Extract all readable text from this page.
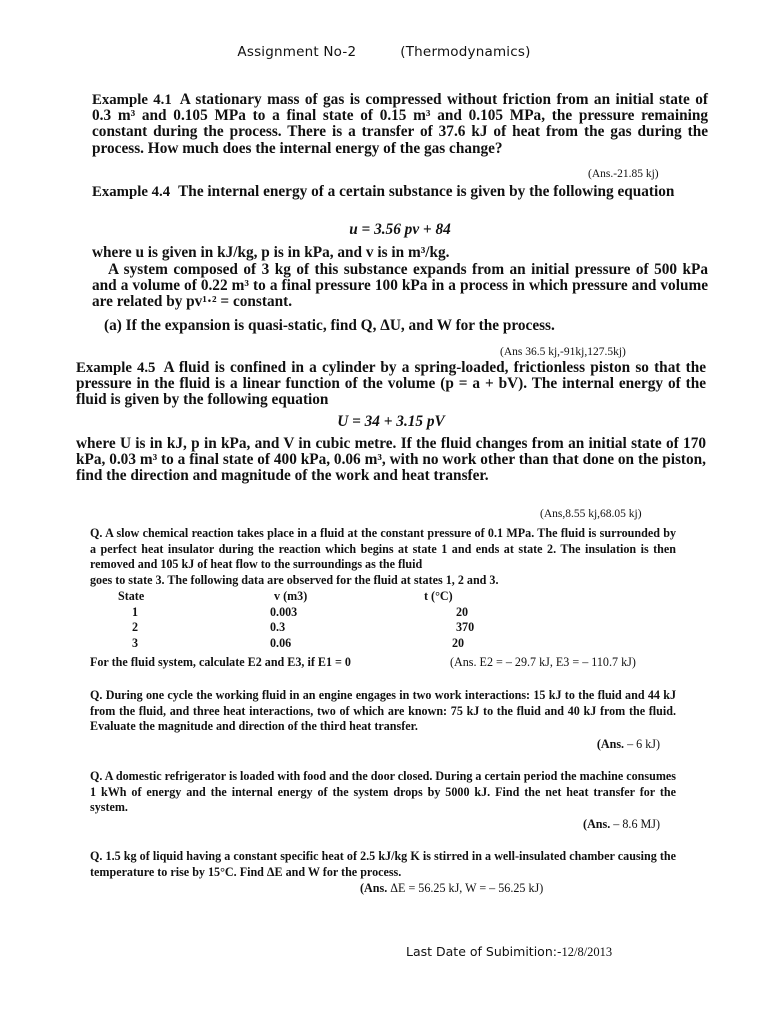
Assignment No-2	(Thermodynamics)
Example 4.1 A stationary mass of gas is compressed without friction from an initial state of 0.3 m³ and 0.105 MPa to a final state of 0.15 m³ and 0.105 MPa, the pressure remaining constant during the process. There is a transfer of 37.6 kJ of heat from the gas during the process. How much does the internal energy of the gas change?
(Ans.-21.85 kj)
Example 4.4 The internal energy of a certain substance is given by the following equation
u = 3.56 pv + 84
where u is given in kJ/kg, p is in kPa, and v is in m³/kg.
A system composed of 3 kg of this substance expands from an initial pressure of 500 kPa and a volume of 0.22 m³ to a final pressure 100 kPa in a process in which pressure and volume are related by pv¹·² = constant.
(a) If the expansion is quasi-static, find Q, ΔU, and W for the process.
(Ans 36.5 kj,-91kj,127.5kj)
Example 4.5 A fluid is confined in a cylinder by a spring-loaded, frictionless piston so that the pressure in the fluid is a linear function of the volume (p = a + bV). The internal energy of the fluid is given by the following equation
U = 34 + 3.15 pV
where U is in kJ, p in kPa, and V in cubic metre. If the fluid changes from an initial state of 170 kPa, 0.03 m³ to a final state of 400 kPa, 0.06 m³, with no work other than that done on the piston, find the direction and magnitude of the work and heat transfer.
(Ans,8.55 kj,68.05 kj)
Q. A slow chemical reaction takes place in a fluid at the constant pressure of 0.1 MPa. The fluid is surrounded by a perfect heat insulator during the reaction which begins at state 1 and ends at state 2. The insulation is then removed and 105 kJ of heat flow to the surroundings as the fluid
goes to state 3. The following data are observed for the fluid at states 1, 2 and 3.
State	v (m3)	t (°C)
1	0.003	20
2	0.3	370
3	0.06	20
For the fluid system, calculate E2 and E3, if E1 = 0	(Ans. E2 = – 29.7 kJ, E3 = – 110.7 kJ)
Q. During one cycle the working fluid in an engine engages in two work interactions: 15 kJ to the fluid and 44 kJ from the fluid, and three heat interactions, two of which are known: 75 kJ to the fluid and 40 kJ from the fluid. Evaluate the magnitude and direction of the third heat transfer.
(Ans. – 6 kJ)
Q. A domestic refrigerator is loaded with food and the door closed. During a certain period the machine consumes 1 kWh of energy and the internal energy of the system drops by 5000 kJ. Find the net heat transfer for the system.
(Ans. – 8.6 MJ)
Q. 1.5 kg of liquid having a constant specific heat of 2.5 kJ/kg K is stirred in a well-insulated chamber causing the temperature to rise by 15°C. Find ΔE and W for the process.
(Ans. ΔE = 56.25 kJ, W = – 56.25 kJ)
Last Date of Subimition:-12/8/2013
